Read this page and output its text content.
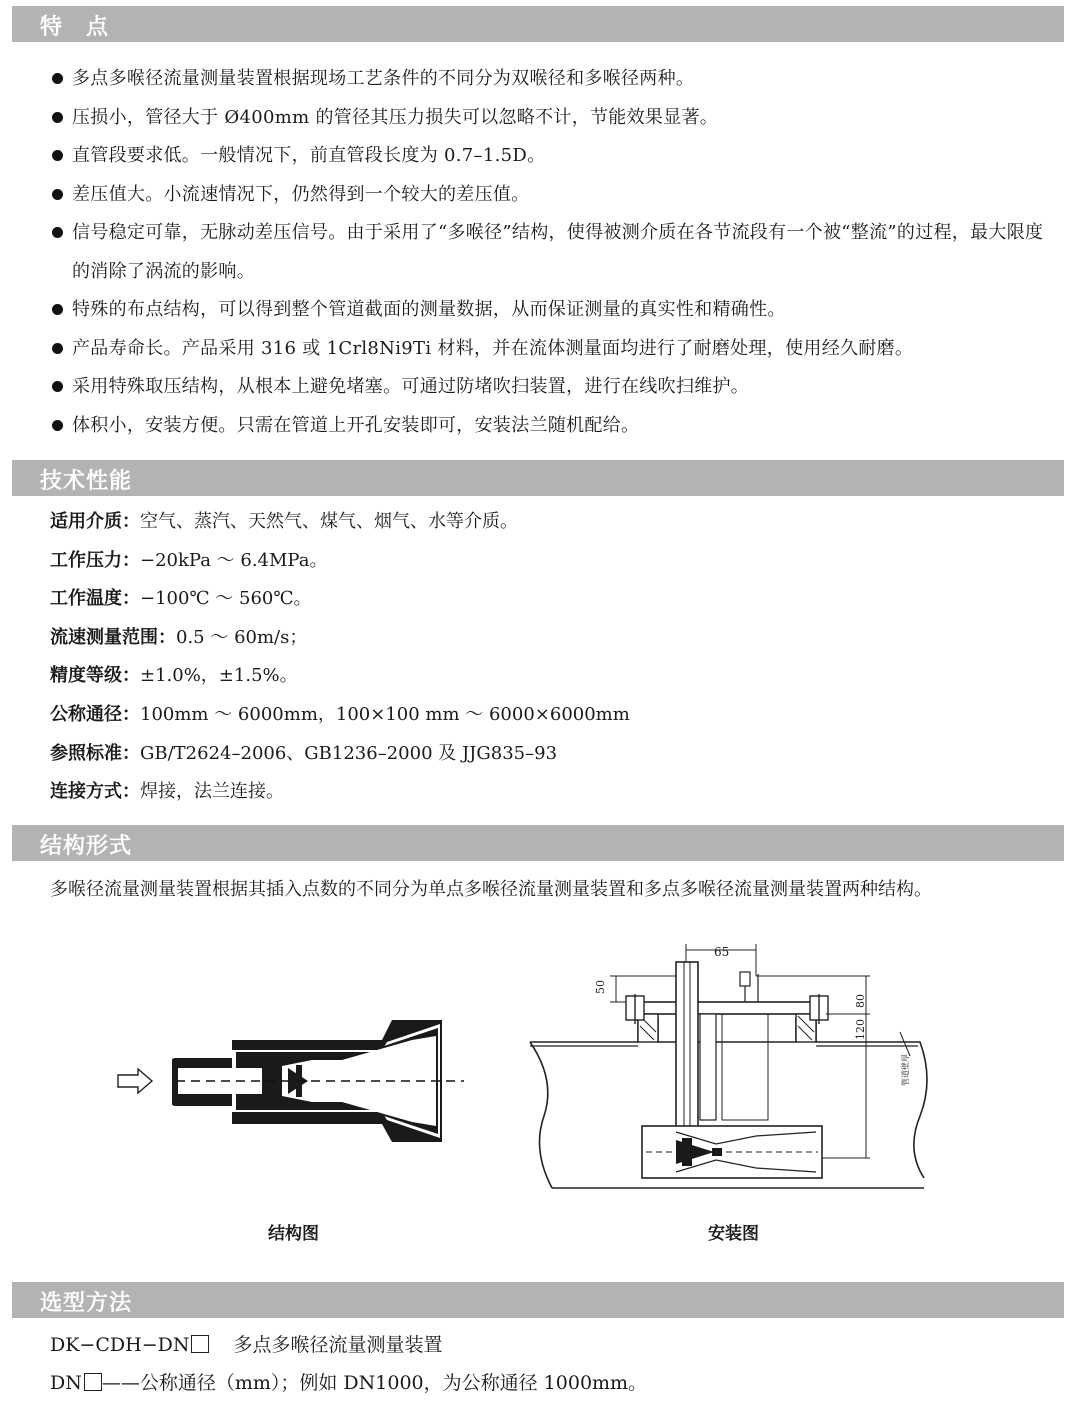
特　点
多点多喉径流量测量装置根据现场工艺条件的不同分为双喉径和多喉径两种。
压损小，管径大于 Ø400mm 的管径其压力损失可以忽略不计，节能效果显著。
直管段要求低。一般情况下，前直管段长度为 0.7–1.5D。
差压值大。小流速情况下，仍然得到一个较大的差压值。
信号稳定可靠，无脉动差压信号。由于采用了“多喉径”结构，使得被测介质在各节流段有一个被“整流”的过程，最大限度的消除了涡流的影响。
特殊的布点结构，可以得到整个管道截面的测量数据，从而保证测量的真实性和精确性。
产品寿命长。产品采用 316 或 1Crl8Ni9Ti 材料，并在流体测量面均进行了耐磨处理，使用经久耐磨。
采用特殊取压结构，从根本上避免堵塞。可通过防堵吹扫装置，进行在线吹扫维护。
体积小，安装方便。只需在管道上开孔安装即可，安装法兰随机配给。
技术性能
适用介质：空气、蒸汽、天然气、煤气、烟气、水等介质。
工作压力：−20kPa ～ 6.4MPa。
工作温度：−100℃ ～ 560℃。
流速测量范围：0.5 ～ 60m/s；
精度等级：±1.0%，±1.5%。
公称通径：100mm ～ 6000mm，100×100 mm ～ 6000×6000mm
参照标准：GB/T2624–2006、GB1236–2000 及 JJG835–93
连接方式：焊接，法兰连接。
结构形式
多喉径流量测量装置根据其插入点数的不同分为单点多喉径流量测量装置和多点多喉径流量测量装置两种结构。
结构图
65
50
80
120
管道壁厚
安装图
选型方法
DK−CDH−DN 多点多喉径流量测量装置
DN ——公称通径（mm）；例如 DN1000，为公称通径 1000mm。
